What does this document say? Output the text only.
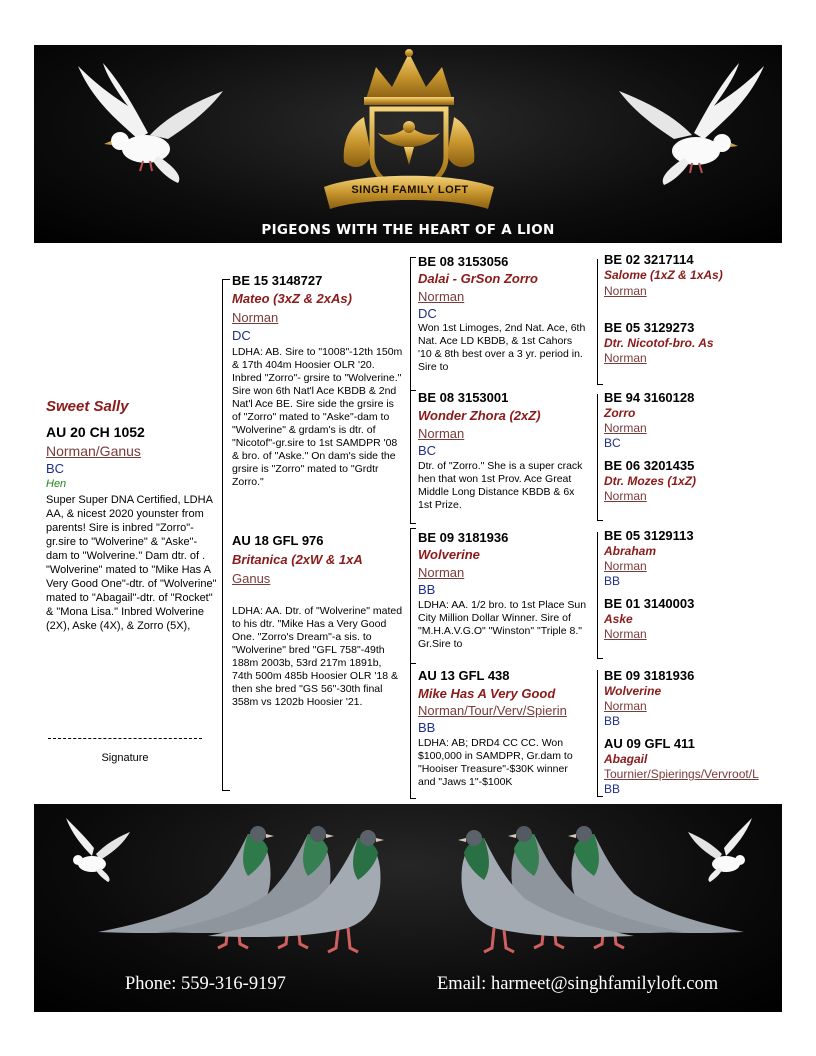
SINGH FAMILY LOFT
PIGEONS WITH THE HEART OF A LION
Sweet Sally
AU 20 CH 1052
Norman/Ganus
BC
Hen
Super Super DNA Certified, LDHA AA, & nicest 2020 younster from parents! Sire is inbred "Zorro"-gr.sire to "Wolverine" & "Aske"-dam to "Wolverine." Dam dtr. of . "Wolverine" mated to "Mike Has A Very Good One"-dtr. of "Wolverine" mated to "Abagail"-dtr. of "Rocket" & "Mona Lisa." Inbred Wolverine (2X), Aske (4X), & Zorro (5X),
Signature
BE 15 3148727
Mateo (3xZ & 2xAs)
Norman
DC
LDHA: AB. Sire to "1008"-12th 150m & 17th 404m Hoosier OLR '20. Inbred "Zorro"- grsire to "Wolverine." Sire won 6th Nat'l Ace KBDB & 2nd Nat'l Ace BE. Sire side the grsire is of "Zorro" mated to "Aske"-dam to "Wolverine" & grdam's is dtr. of "Nicotof"-gr.sire to 1st SAMDPR '08 & bro. of "Aske." On dam's side the grsire is "Zorro" mated to "Grdtr Zorro."
AU 18 GFL 976
Britanica (2xW & 1xA
Ganus
LDHA: AA. Dtr. of "Wolverine" mated to his dtr. "Mike Has a Very Good One. "Zorro's Dream"-a sis. to "Wolverine" bred "GFL 758"-49th 188m 2003b, 53rd 217m 1891b, 74th 500m 485b Hoosier OLR '18 & then she bred "GS 56"-30th final 358m vs 1202b Hoosier '21.
BE 08 3153056
Dalai - GrSon Zorro
Norman
DC
Won 1st Limoges, 2nd Nat. Ace, 6th Nat. Ace LD KBDB, & 1st Cahors '10 & 8th best over a 3 yr. period in. Sire to
BE 08 3153001
Wonder Zhora (2xZ)
Norman
BC
Dtr. of "Zorro." She is a super crack hen that won 1st Prov. Ace Great Middle Long Distance KBDB & 6x 1st Prize.
BE 09 3181936
Wolverine
Norman
BB
LDHA: AA. 1/2 bro. to 1st Place Sun City Million Dollar Winner. Sire of "M.H.A.V.G.O" "Winston" "Triple 8." Gr.Sire to
AU 13 GFL 438
Mike Has A Very Good
Norman/Tour/Verv/Spierin
BB
LDHA: AB; DRD4 CC CC. Won $100,000 in SAMDPR, Gr.dam to "Hooiser Treasure"-$30K winner and "Jaws 1"-$100K
BE 02 3217114
Salome (1xZ & 1xAs)
Norman
BE 05 3129273
Dtr. Nicotof-bro. As
Norman
BE 94 3160128
Zorro
Norman
BC
BE 06 3201435
Dtr. Mozes (1xZ)
Norman
BE 05 3129113
Abraham
Norman
BB
BE 01 3140003
Aske
Norman
BE 09 3181936
Wolverine
Norman
BB
AU 09 GFL 411
Abagail
Tournier/Spierings/Vervroot/L
BB
Phone: 559-316-9197	Email: harmeet@singhfamilyloft.com
